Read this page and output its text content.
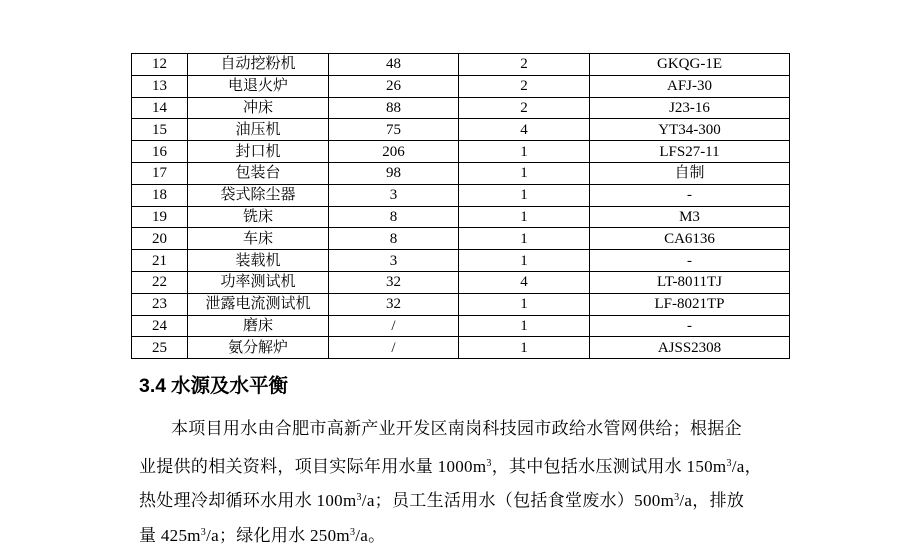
12	自动挖粉机	48	2	GKQG-1E
13	电退火炉	26	2	AFJ-30
14	冲床	88	2	J23-16
15	油压机	75	4	YT34-300
16	封口机	206	1	LFS27-11
17	包装台	98	1	自制
18	袋式除尘器	3	1	-
19	铣床	8	1	M3
20	车床	8	1	CA6136
21	装载机	3	1	-
22	功率测试机	32	4	LT-8011TJ
23	泄露电流测试机	32	1	LF-8021TP
24	磨床	/	1	-
25	氨分解炉	/	1	AJSS2308
3.4 水源及水平衡
本项目用水由合肥市高新产业开发区南岗科技园市政给水管网供给；根据企
业提供的相关资料，项目实际年用水量 $1000m^3$，其中包括水压测试用水 $150m^3/a$，
热处理冷却循环水用水 $100m^3/a$；员工生活用水（包括食堂废水）$500m^3/a$，排放
量 $425m^3/a$；绿化用水 $250m^3/a$。
